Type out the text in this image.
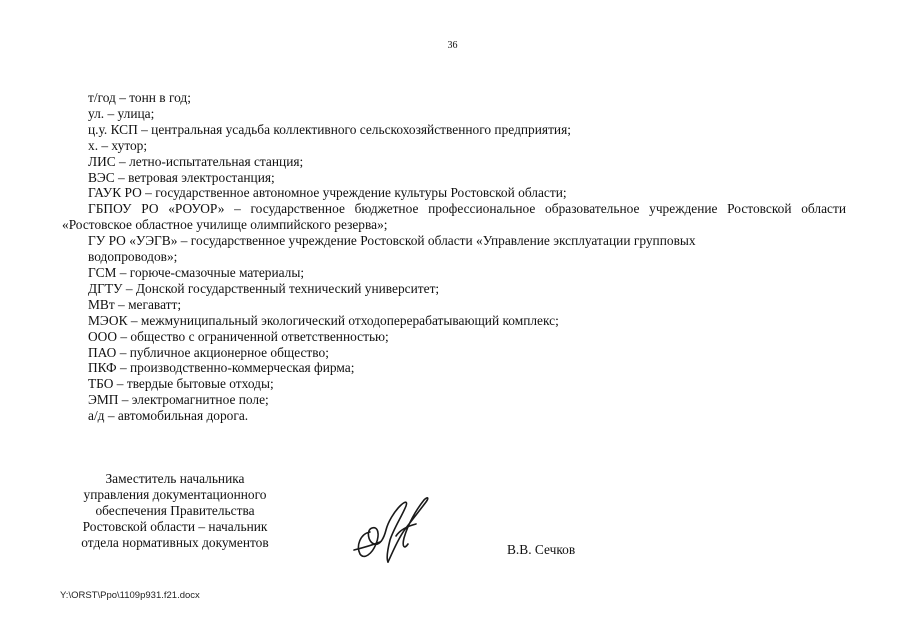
36
т/год – тонн в год;
ул. – улица;
ц.у. КСП – центральная усадьба коллективного сельскохозяйственного предприятия;
х. – хутор;
ЛИС – летно-испытательная станция;
ВЭС – ветровая электростанция;
ГАУК РО – государственное автономное учреждение культуры Ростовской области;
ГБПОУ РО «РОУОР» – государственное бюджетное профессиональное образовательное учреждение Ростовской области «Ростовское областное училище олимпийского резерва»;
ГУ РО «УЭГВ» – государственное учреждение Ростовской области «Управление эксплуатации групповых
водопроводов»;
ГСМ – горюче-смазочные материалы;
ДГТУ – Донской государственный технический университет;
МВт – мегаватт;
МЭОК – межмуниципальный экологический отходоперерабатывающий комплекс;
ООО – общество с ограниченной ответственностью;
ПАО – публичное акционерное общество;
ПКФ – производственно-коммерческая фирма;
ТБО – твердые бытовые отходы;
ЭМП – электромагнитное поле;
а/д – автомобильная дорога.
Заместитель начальника
управления документационного
обеспечения Правительства
Ростовской области – начальник
отдела нормативных документов	В.В. Сечков
Y:\ORST\Ppo\1109p931.f21.docx
